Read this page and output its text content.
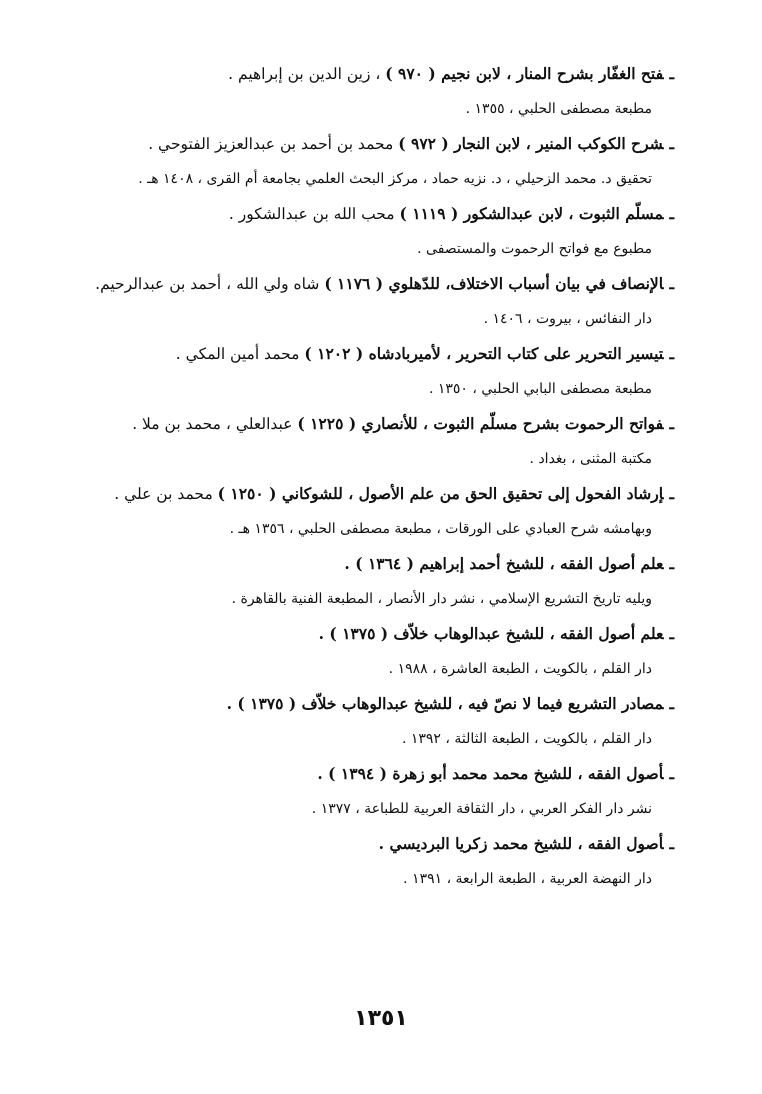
ـفتح الغفّار بشرح المنار ، لابن نجيم ( ٩٧٠ ) ، زين الدين بن إبراهيم .
مطبعة مصطفى الحلبي ، ١٣٥٥ .
ـشرح الكوكب المنير ، لابن النجار ( ٩٧٢ ) محمد بن أحمد بن عبدالعزيز الفتوحي .
تحقيق د. محمد الزحيلي ، د. نزيه حماد ، مركز البحث العلمي بجامعة أم القرى ، ١٤٠٨ هـ .
ـمسلّم الثبوت ، لابن عبدالشكور ( ١١١٩ ) محب الله بن عبدالشكور .
مطبوع مع فواتح الرحموت والمستصفى .
ـالإنصاف في بيان أسباب الاختلاف، للدّهلوي ( ١١٧٦ ) شاه ولي الله ، أحمد بن عبدالرحيم.
دار النفائس ، بيروت ، ١٤٠٦ .
ـتيسير التحرير على كتاب التحرير ، لأميربادشاه ( ١٢٠٢ ) محمد أمين المكي .
مطبعة مصطفى البابي الحلبي ، ١٣٥٠ .
ـفواتح الرحموت بشرح مسلّم الثبوت ، للأنصاري ( ١٢٢٥ ) عبدالعلي ، محمد بن ملا .
مكتبة المثنى ، بغداد .
ـإرشاد الفحول إلى تحقيق الحق من علم الأصول ، للشوكاني ( ١٢٥٠ ) محمد بن علي .
وبهامشه شرح العبادي على الورقات ، مطبعة مصطفى الحلبي ، ١٣٥٦ هـ .
ـعلم أصول الفقه ، للشيخ أحمد إبراهيم ( ١٣٦٤ ) .
ويليه تاريخ التشريع الإسلامي ، نشر دار الأنصار ، المطبعة الفنية بالقاهرة .
ـعلم أصول الفقه ، للشيخ عبدالوهاب خلاّف ( ١٣٧٥ ) .
دار القلم ، بالكويت ، الطبعة العاشرة ، ١٩٨٨ .
ـمصادر التشريع فيما لا نصّ فيه ، للشيخ عبدالوهاب خلاّف ( ١٣٧٥ ) .
دار القلم ، بالكويت ، الطبعة الثالثة ، ١٣٩٢ .
ـأصول الفقه ، للشيخ محمد محمد أبو زهرة ( ١٣٩٤ ) .
نشر دار الفكر العربي ، دار الثقافة العربية للطباعة ، ١٣٧٧ .
ـأصول الفقه ، للشيخ محمد زكريا البرديسي .
دار النهضة العربية ، الطبعة الرابعة ، ١٣٩١ .
١٣٥١
